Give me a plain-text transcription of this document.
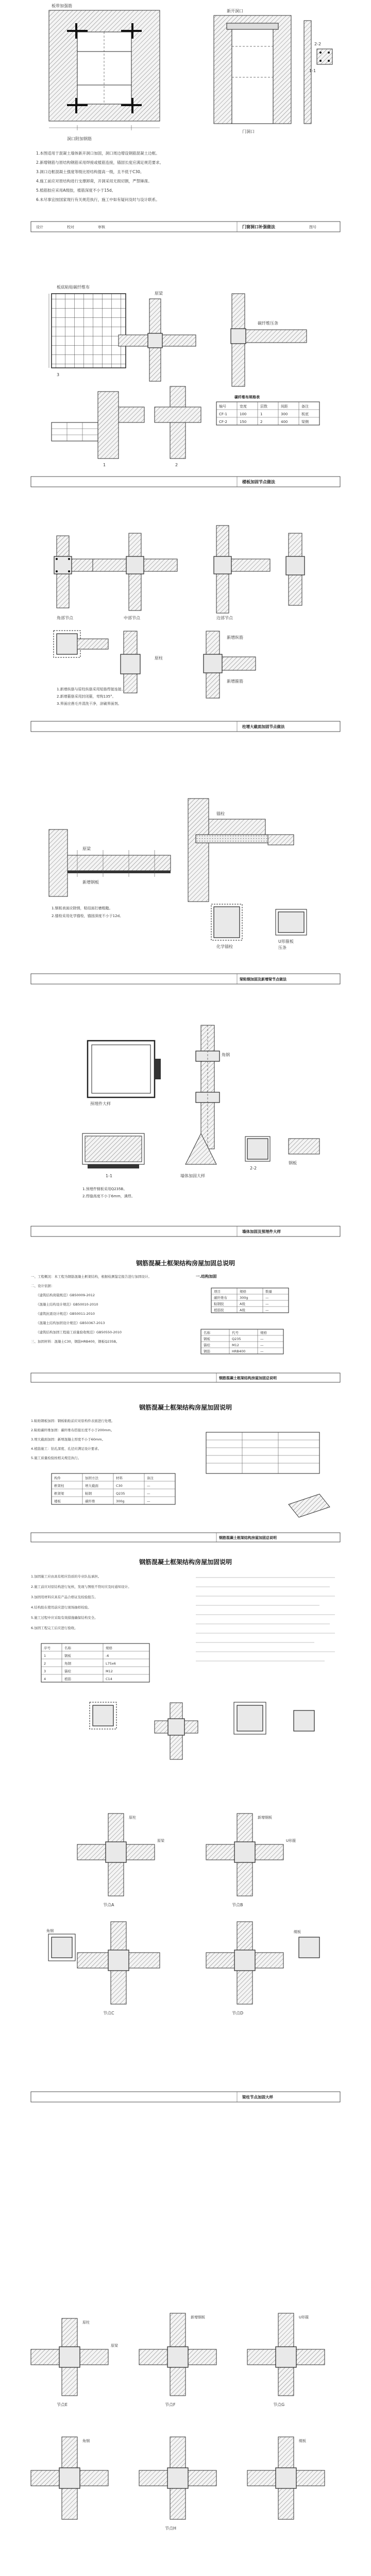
洞口附加钢筋
门洞口
新开洞口
1-1
2-2
板带加强筋
1.本图适用于混凝土墙体新开洞口加固，洞口周边增设钢筋混凝土边框。
2.新增钢筋与原结构钢筋采用焊接或植筋连接，锚固长度应满足规范要求。
3.洞口边框混凝土强度等级比原结构提高一级，且不低于C30。
4.施工前应对原结构进行支撑卸荷，开洞采用无损切割，严禁锤凿。
5.植筋胶应采用A级胶，植筋深度不小于15d。
6.未尽事宜按国家现行有关规范执行，施工中如有疑问及时与设计联系。
门窗洞口补强做法
设计	校对	审核	图号
板底粘贴碳纤维布
原梁
碳纤维压条
1	2
3
碳纤维布规格表
编号	宽度	层数	间距	备注
CF-1	100	1	300	板底
CF-2	150	2	400	梁侧
楼板加固节点做法
角部节点	中部节点	边部节点
原柱
新增纵筋
新增箍筋
1.新增纵筋与原柱纵筋采用短筋焊接连接。
2.新增箍筋采用封闭箍，弯钩135°。
3.界面应凿毛并清洗干净，涂刷界面剂。
柱增大截面加固节点做法
原梁
新增钢板
锚栓
化学锚栓
U形箍板
压条
1.钢板表面应除锈，粘结面打磨粗糙。
2.锚栓采用化学锚栓，锚固深度不小于12d。
梁粘钢加固及新增梁节点做法
预埋件大样
角钢
1-1
2-2
钢板
墙体加固大样
1.预埋件钢板采用Q235B。
2.焊缝高度不小于6mm，满焊。
墙体加固及预埋件大样
钢筋混凝土框架结构房屋加固总说明
一、工程概况：本工程为钢筋混凝土框架结构，根据检测鉴定报告进行加固设计。
二、设计依据：
《建筑结构荷载规范》GB50009-2012
《混凝土结构设计规范》GB50010-2010
《建筑抗震设计规范》GB50011-2010
《混凝土结构加固设计规范》GB50367-2013
《建筑结构加固工程施工质量验收规范》GB50550-2010
三、加固材料：混凝土C30，钢筋HRB400，钢板Q235B。
一.结构加固
项目	规格	数量
碳纤维布	300g	—
粘钢胶	A级	—
植筋胶	A级	—
名称	代号	规格
钢板	Q235	—
锚栓	M12	—
钢筋	HRB400	—
钢筋混凝土框架结构房屋加固总说明
钢筋混凝土框架结构房屋加固说明
1.粘贴钢板加固：钢板粘贴前应对原构件表面进行处理。
2.粘贴碳纤维加固：碳纤维布搭接长度不小于200mm。
3.增大截面加固：新增混凝土厚度不小于60mm。
4.植筋施工：钻孔深度、孔径应满足设计要求。
5.施工质量检验按相关规范执行。
构件	加固方法	材料	备注
框架柱	增大截面	C30	—
框架梁	粘钢	Q235	—
楼板	碳纤维	300g	—
钢筋混凝土框架结构房屋加固总说明
钢筋混凝土框架结构房屋加固说明
1.加固施工应由具有相应资质的专业队伍承担。
2.施工前应对原结构进行复核，发现与图纸不符时应及时通知设计。
3.加固用材料应具有产品合格证及检验报告。
4.结构胶在使用前应进行现场抽样检验。
5.施工过程中应采取有效措施确保结构安全。
6.加固工程完工后应进行验收。
序号	名称	规格
1	钢板	-6
2	角钢	L75x6
3	锚栓	M12
4	植筋	C14
节点A	节点B
节点C	节点D
原柱
原梁
新增钢板
U形箍
角钢	缀板
梁柱节点加固大样
节点E	节点F	节点G
节点H
原柱
原梁
新增钢板	U形箍
角钢	缀板
